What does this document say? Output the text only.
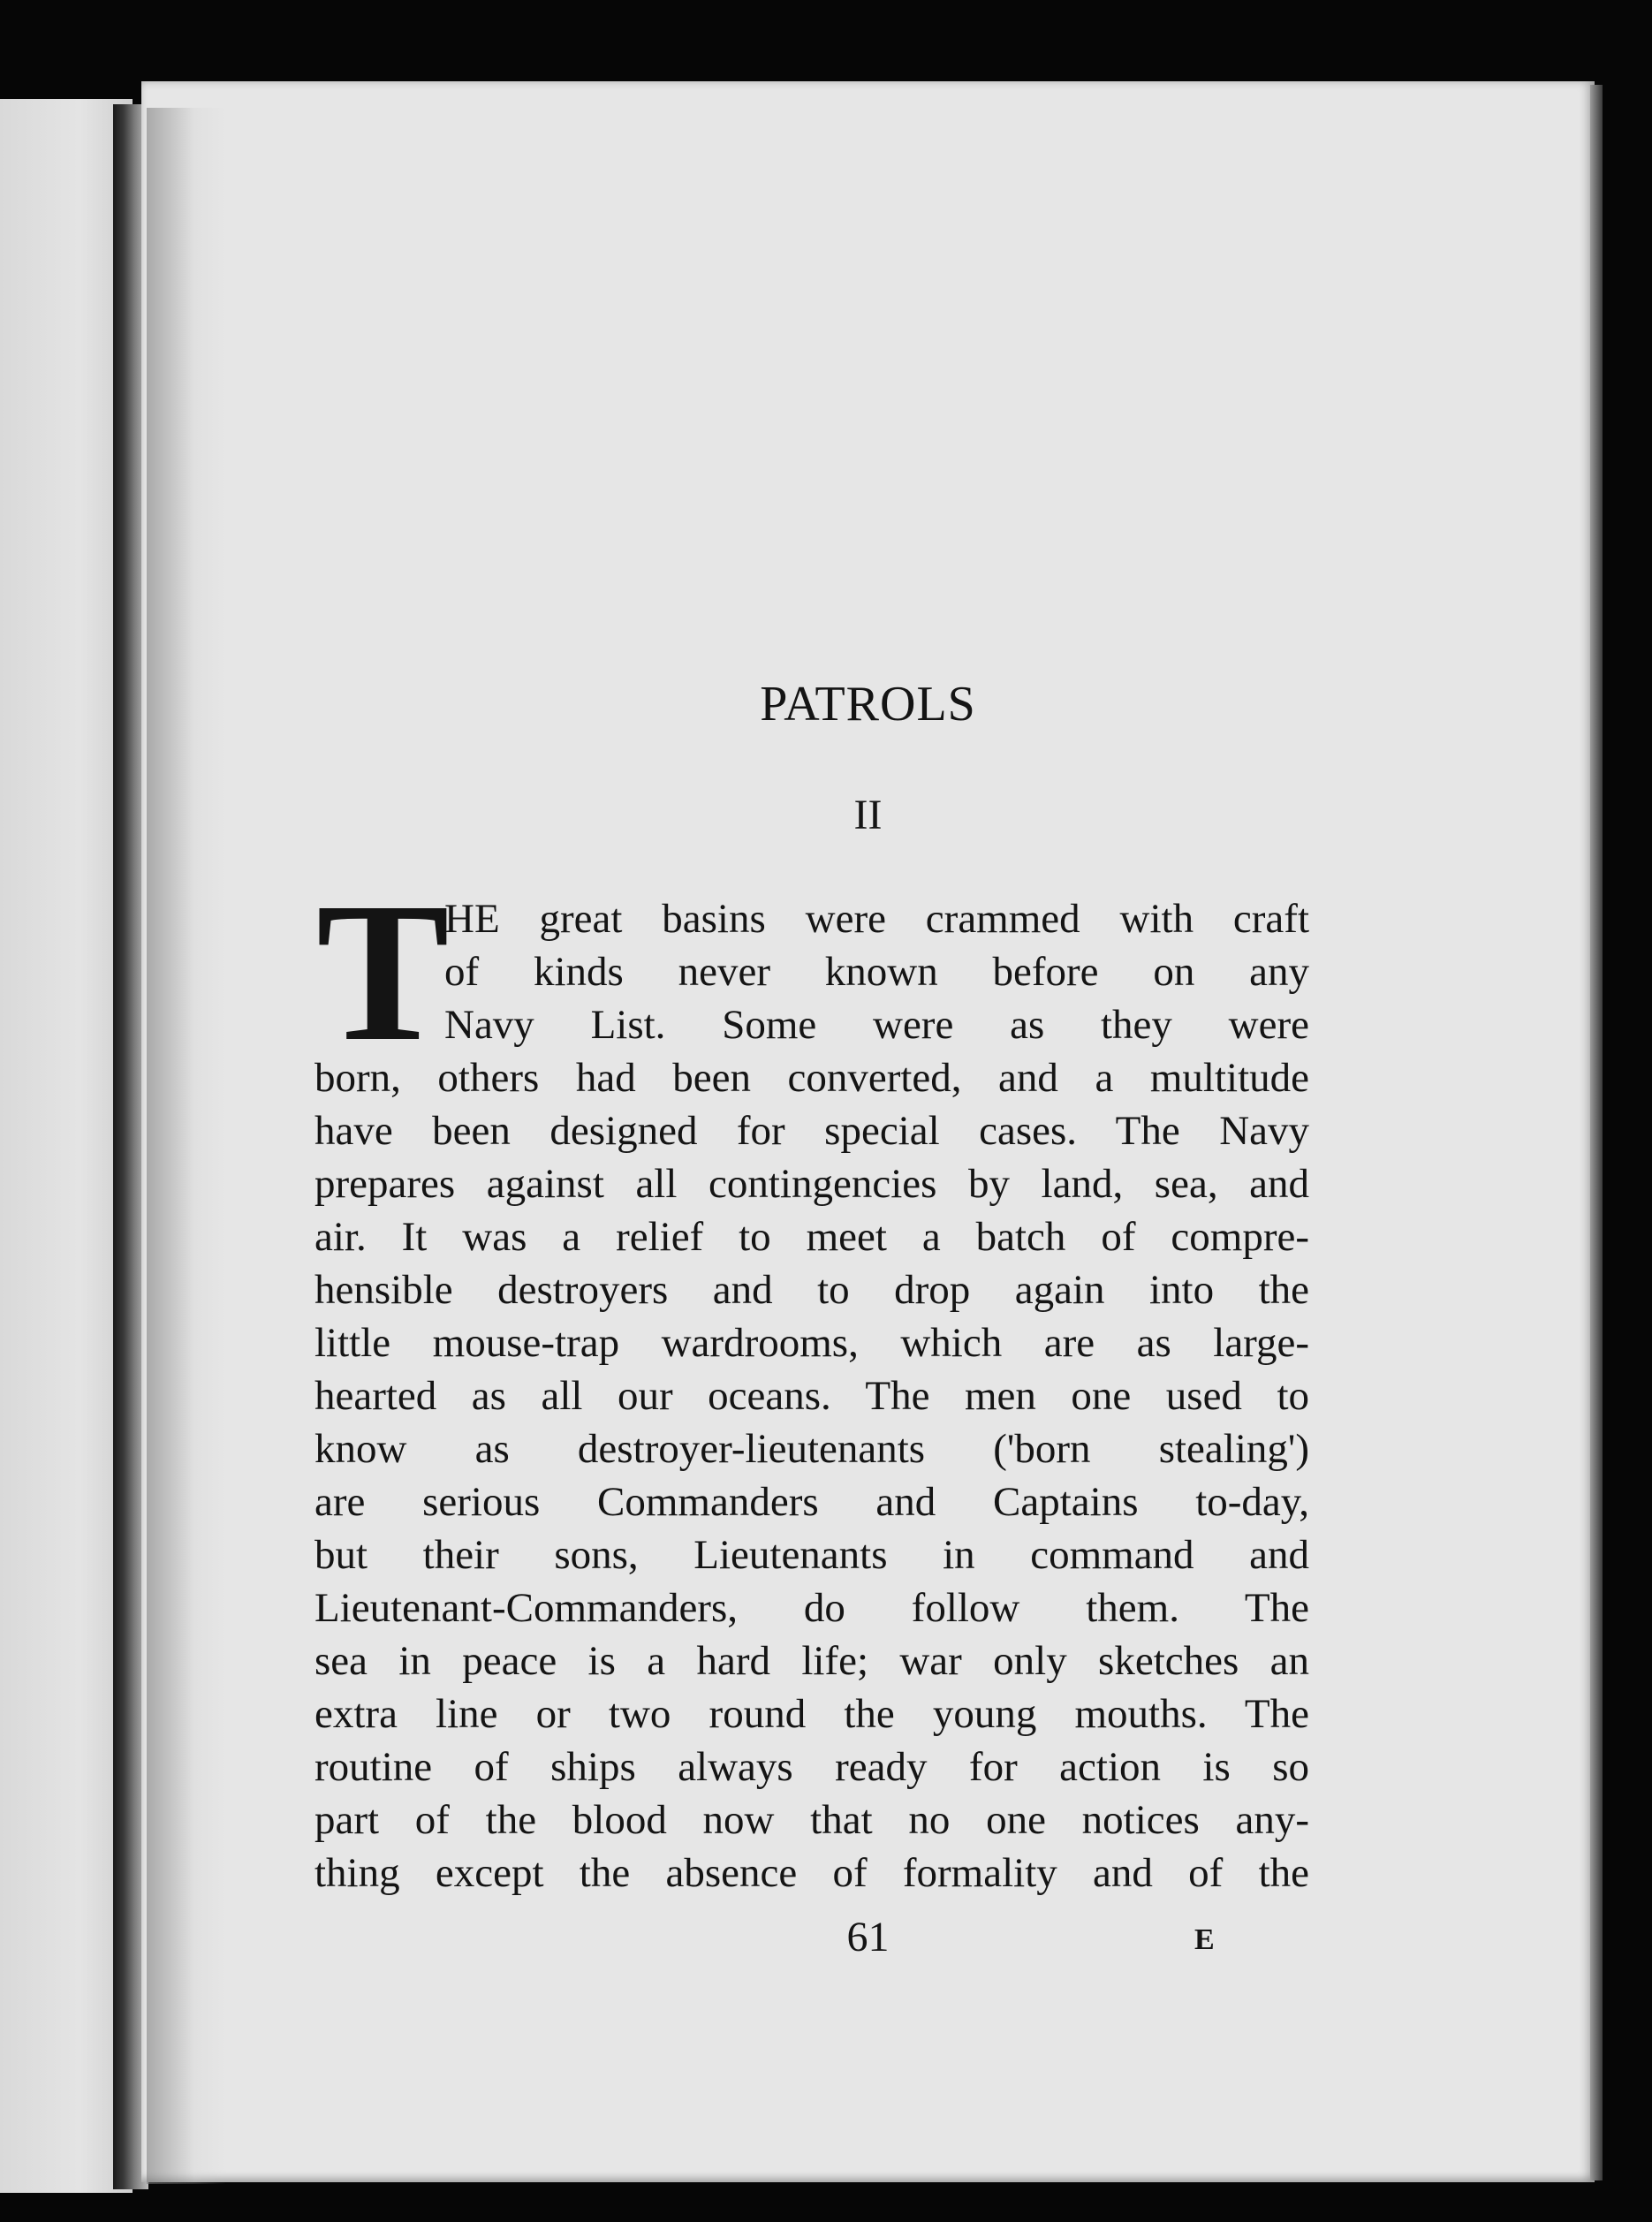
PATROLS
II
T
HE great basins were crammed with craft
of kinds never known before on any
Navy List. Some were as they were
born, others had been converted, and a multitude
have been designed for special cases. The Navy
prepares against all contingencies by land, sea, and
air. It was a relief to meet a batch of compre-
hensible destroyers and to drop again into the
little mouse-trap wardrooms, which are as large-
hearted as all our oceans. The men one used to
know as destroyer-lieutenants ('born stealing')
are serious Commanders and Captains to-day,
but their sons, Lieutenants in command and
Lieutenant-Commanders, do follow them. The
sea in peace is a hard life; war only sketches an
extra line or two round the young mouths. The
routine of ships always ready for action is so
part of the blood now that no one notices any-
thing except the absence of formality and of the
61	E
